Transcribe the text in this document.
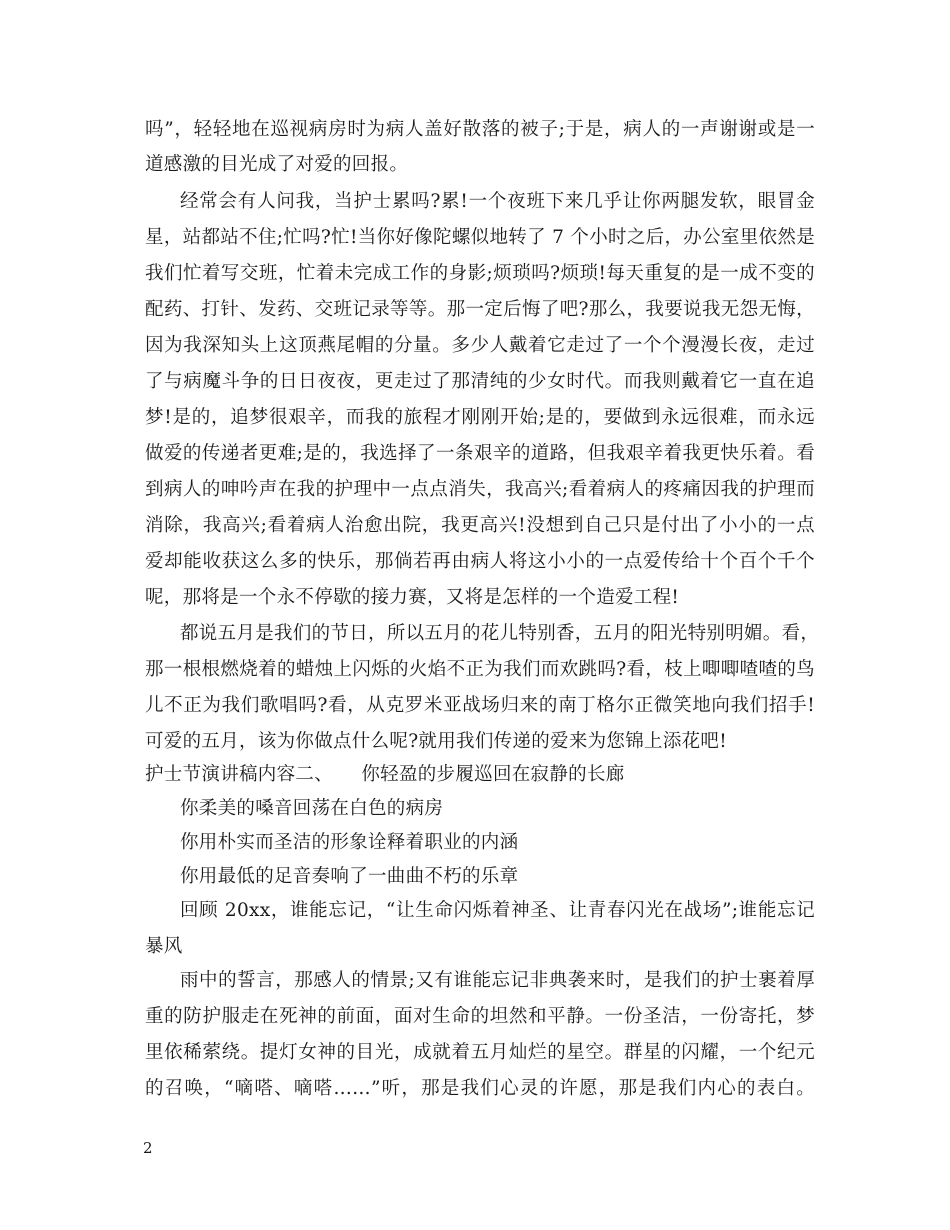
吗”，轻轻地在巡视病房时为病人盖好散落的被子;于是，病人的一声谢谢或是一
道感激的目光成了对爱的回报。
经常会有人问我，当护士累吗?累!一个夜班下来几乎让你两腿发软，眼冒金
星，站都站不住;忙吗?忙!当你好像陀螺似地转了 7 个小时之后，办公室里依然是
我们忙着写交班，忙着未完成工作的身影;烦琐吗?烦琐!每天重复的是一成不变的
配药、打针、发药、交班记录等等。那一定后悔了吧?那么，我要说我无怨无悔，
因为我深知头上这顶燕尾帽的分量。多少人戴着它走过了一个个漫漫长夜，走过
了与病魔斗争的日日夜夜，更走过了那清纯的少女时代。而我则戴着它一直在追
梦!是的，追梦很艰辛，而我的旅程才刚刚开始;是的，要做到永远很难，而永远
做爱的传递者更难;是的，我选择了一条艰辛的道路，但我艰辛着我更快乐着。看
到病人的呻吟声在我的护理中一点点消失，我高兴;看着病人的疼痛因我的护理而
消除，我高兴;看着病人治愈出院，我更高兴!没想到自己只是付出了小小的一点
爱却能收获这么多的快乐，那倘若再由病人将这小小的一点爱传给十个百个千个
呢，那将是一个永不停歇的接力赛，又将是怎样的一个造爱工程!
都说五月是我们的节日，所以五月的花儿特别香，五月的阳光特别明媚。看，
那一根根燃烧着的蜡烛上闪烁的火焰不正为我们而欢跳吗?看，枝上唧唧喳喳的鸟
儿不正为我们歌唱吗?看，从克罗米亚战场归来的南丁格尔正微笑地向我们招手!
可爱的五月，该为你做点什么呢?就用我们传递的爱来为您锦上添花吧!
护士节演讲稿内容二、　　你轻盈的步履巡回在寂静的长廊
你柔美的嗓音回荡在白色的病房
你用朴实而圣洁的形象诠释着职业的内涵
你用最低的足音奏响了一曲曲不朽的乐章
回顾 20xx，谁能忘记，“让生命闪烁着神圣、让青春闪光在战场”;谁能忘记
暴风
雨中的誓言，那感人的情景;又有谁能忘记非典袭来时，是我们的护士裹着厚
重的防护服走在死神的前面，面对生命的坦然和平静。一份圣洁，一份寄托，梦
里依稀萦绕。提灯女神的目光，成就着五月灿烂的星空。群星的闪耀，一个纪元
的召唤，“嘀嗒、嘀嗒……”听，那是我们心灵的许愿，那是我们内心的表白。
2
